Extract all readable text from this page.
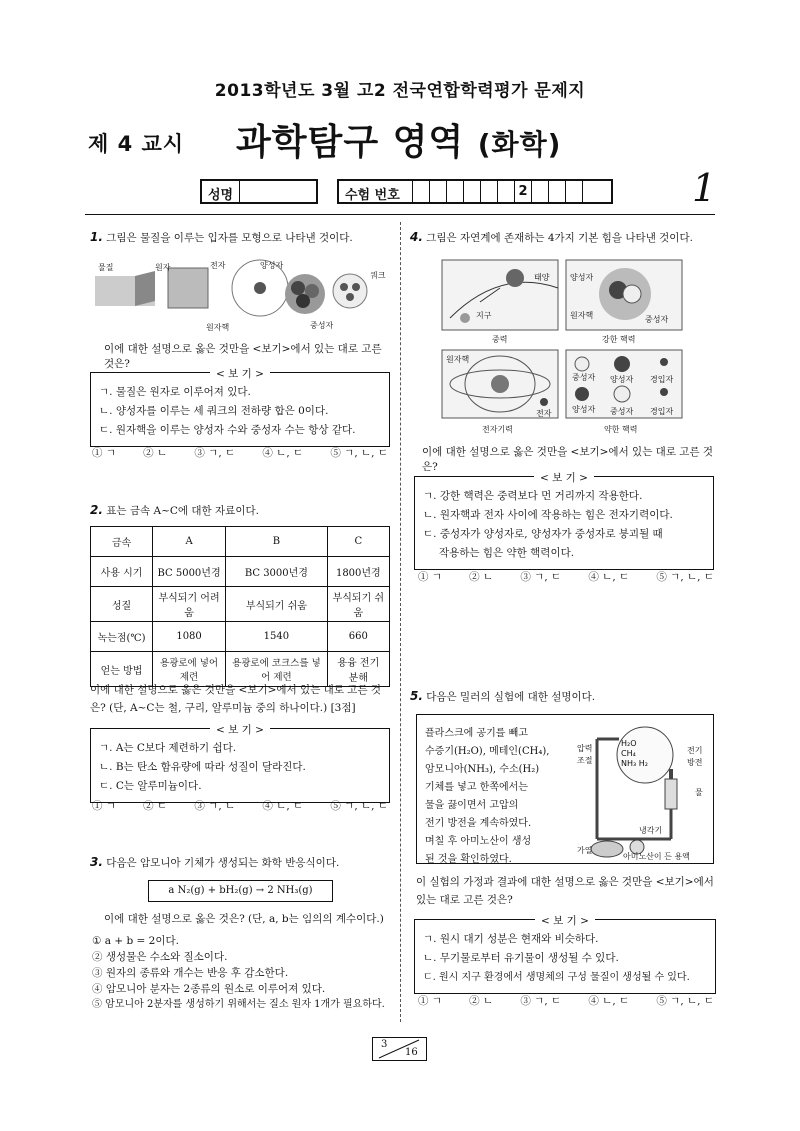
2013학년도 3월 고2 전국연합학력평가 문제지
제 4 교시 과학탐구 영역 (화학)
성명	수험 번호	2	1
1. 그림은 물질을 이루는 입자를 모형으로 나타낸 것이다.
물질	원자	전자	양성자
쿼크
원자핵	중성자
이에 대한 설명으로 옳은 것만을 <보기>에서 있는 대로 고른 것은?
< 보 기 >

ㄱ. 물질은 원자로 이루어져 있다.

ㄴ. 양성자를 이루는 세 쿼크의 전하량 합은 0이다.

ㄷ. 원자핵을 이루는 양성자 수와 중성자 수는 항상 같다.

① ㄱ	② ㄴ	③ ㄱ, ㄷ	④ ㄴ, ㄷ	⑤ ㄱ, ㄴ, ㄷ
2. 표는 금속 A~C에 대한 자료이다.
금속	A	B	C
사용 시기	BC 5000년경	BC 3000년경	1800년경
성질	부식되기 어려움	부식되기 쉬움	부식되기 쉬움
녹는점(℃)	1080	1540	660
얻는 방법	용광로에 넣어 제련	용광로에 코크스를 넣어 제련	용융 전기 분해
이에 대한 설명으로 옳은 것만을 <보기>에서 있는 대로 고른 것은? (단, A~C는 철, 구리, 알루미늄 중의 하나이다.) [3점]
< 보 기 >

ㄱ. A는 C보다 제련하기 쉽다.

ㄴ. B는 탄소 함유량에 따라 성질이 달라진다.

ㄷ. C는 알루미늄이다.

① ㄱ	② ㄷ	③ ㄱ, ㄴ	④ ㄴ, ㄷ	⑤ ㄱ, ㄴ, ㄷ
3. 다음은 암모니아 기체가 생성되는 화학 반응식이다.
a N₂(g) + bH₂(g) → 2 NH₃(g)
이에 대한 설명으로 옳은 것은? (단, a, b는 임의의 계수이다.)
① a + b = 2이다.
② 생성물은 수소와 질소이다.
③ 원자의 종류와 개수는 반응 후 감소한다.
④ 암모니아 분자는 2종류의 원소로 이루어져 있다.
⑤ 암모니아 2분자를 생성하기 위해서는 질소 원자 1개가 필요하다.
4. 그림은 자연계에 존재하는 4가지 기본 힘을 나타낸 것이다.
태양
지구
중력
양성자
원자핵	중성자
강한 핵력
원자핵
전자
전자기력
중성자 양성자 경입자
양성자 중성자 경입자
약한 핵력
이에 대한 설명으로 옳은 것만을 <보기>에서 있는 대로 고른 것은?
< 보 기 >

ㄱ. 강한 핵력은 중력보다 먼 거리까지 작용한다.

ㄴ. 원자핵과 전자 사이에 작용하는 힘은 전자기력이다.

ㄷ. 중성자가 양성자로, 양성자가 중성자로 붕괴될 때

작용하는 힘은 약한 핵력이다.

① ㄱ	② ㄴ	③ ㄱ, ㄷ	④ ㄴ, ㄷ	⑤ ㄱ, ㄴ, ㄷ
5. 다음은 밀러의 실험에 대한 설명이다.
플라스크에 공기를 빼고
수증기(H₂O), 메테인(CH₄),
암모니아(NH₃), 수소(H₂)
기체를 넣고 한쪽에서는
물을 끓이면서 고압의
전기 방전을 계속하였다.
며칠 후 아미노산이 생성
된 것을 확인하였다.
압력
조절
H₂O CH₄ NH₃ H₂
전기
방전
물
냉각기
가열
아미노산이 든 용액
이 실험의 가정과 결과에 대한 설명으로 옳은 것만을 <보기>에서 있는 대로 고른 것은?
< 보 기 >

ㄱ. 원시 대기 성분은 현재와 비슷하다.

ㄴ. 무기물로부터 유기물이 생성될 수 있다.

ㄷ. 원시 지구 환경에서 생명체의 구성 물질이 생성될 수 있다.

① ㄱ	② ㄴ	③ ㄱ, ㄷ	④ ㄴ, ㄷ	⑤ ㄱ, ㄴ, ㄷ
3
16
